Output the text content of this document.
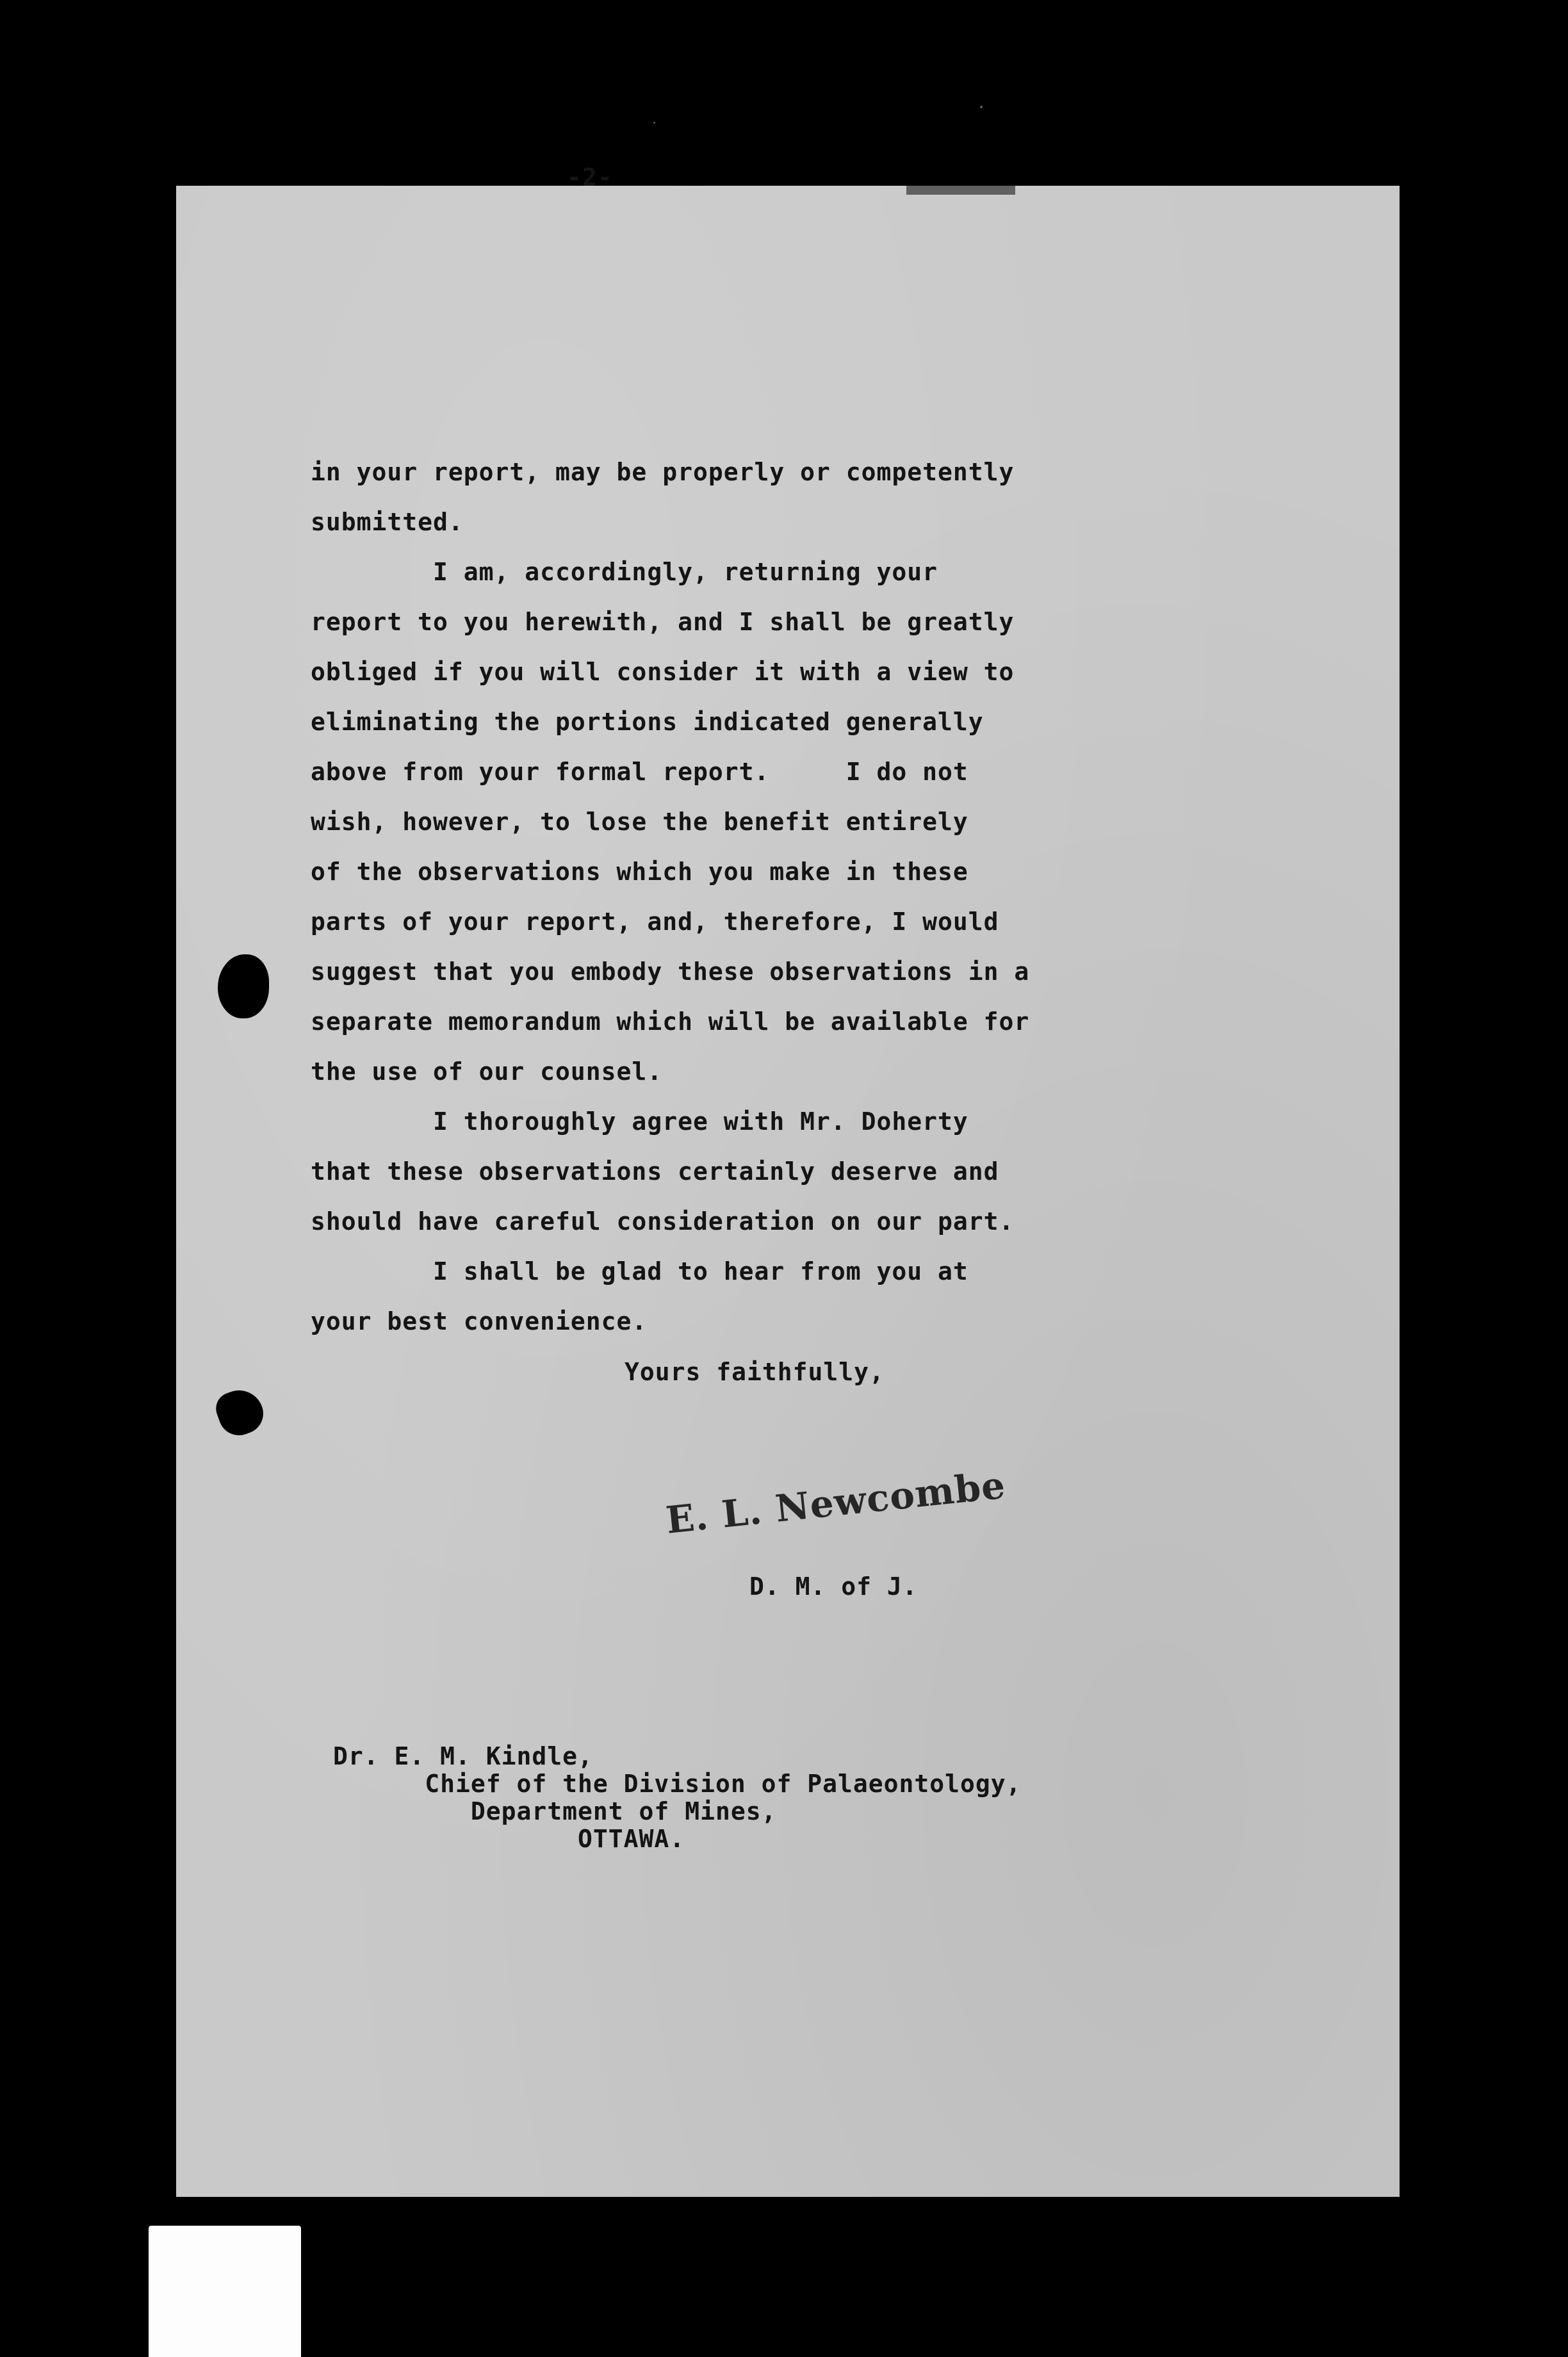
-2-
in your report, may be properly or competently
submitted.
I am, accordingly, returning your
report to you herewith, and I shall be greatly
obliged if you will consider it with a view to
eliminating the portions indicated generally
above from your formal report.     I do not
wish, however, to lose the benefit entirely
of the observations which you make in these
parts of your report, and, therefore, I would
suggest that you embody these observations in a
separate memorandum which will be available for
the use of our counsel.
I thoroughly agree with Mr. Doherty
that these observations certainly deserve and
should have careful consideration on our part.
I shall be glad to hear from you at
your best convenience.
Yours faithfully,
E. L. Newcombe
D. M. of J.
Dr. E. M. Kindle,
Chief of the Division of Palaeontology,
Department of Mines,
OTTAWA.
